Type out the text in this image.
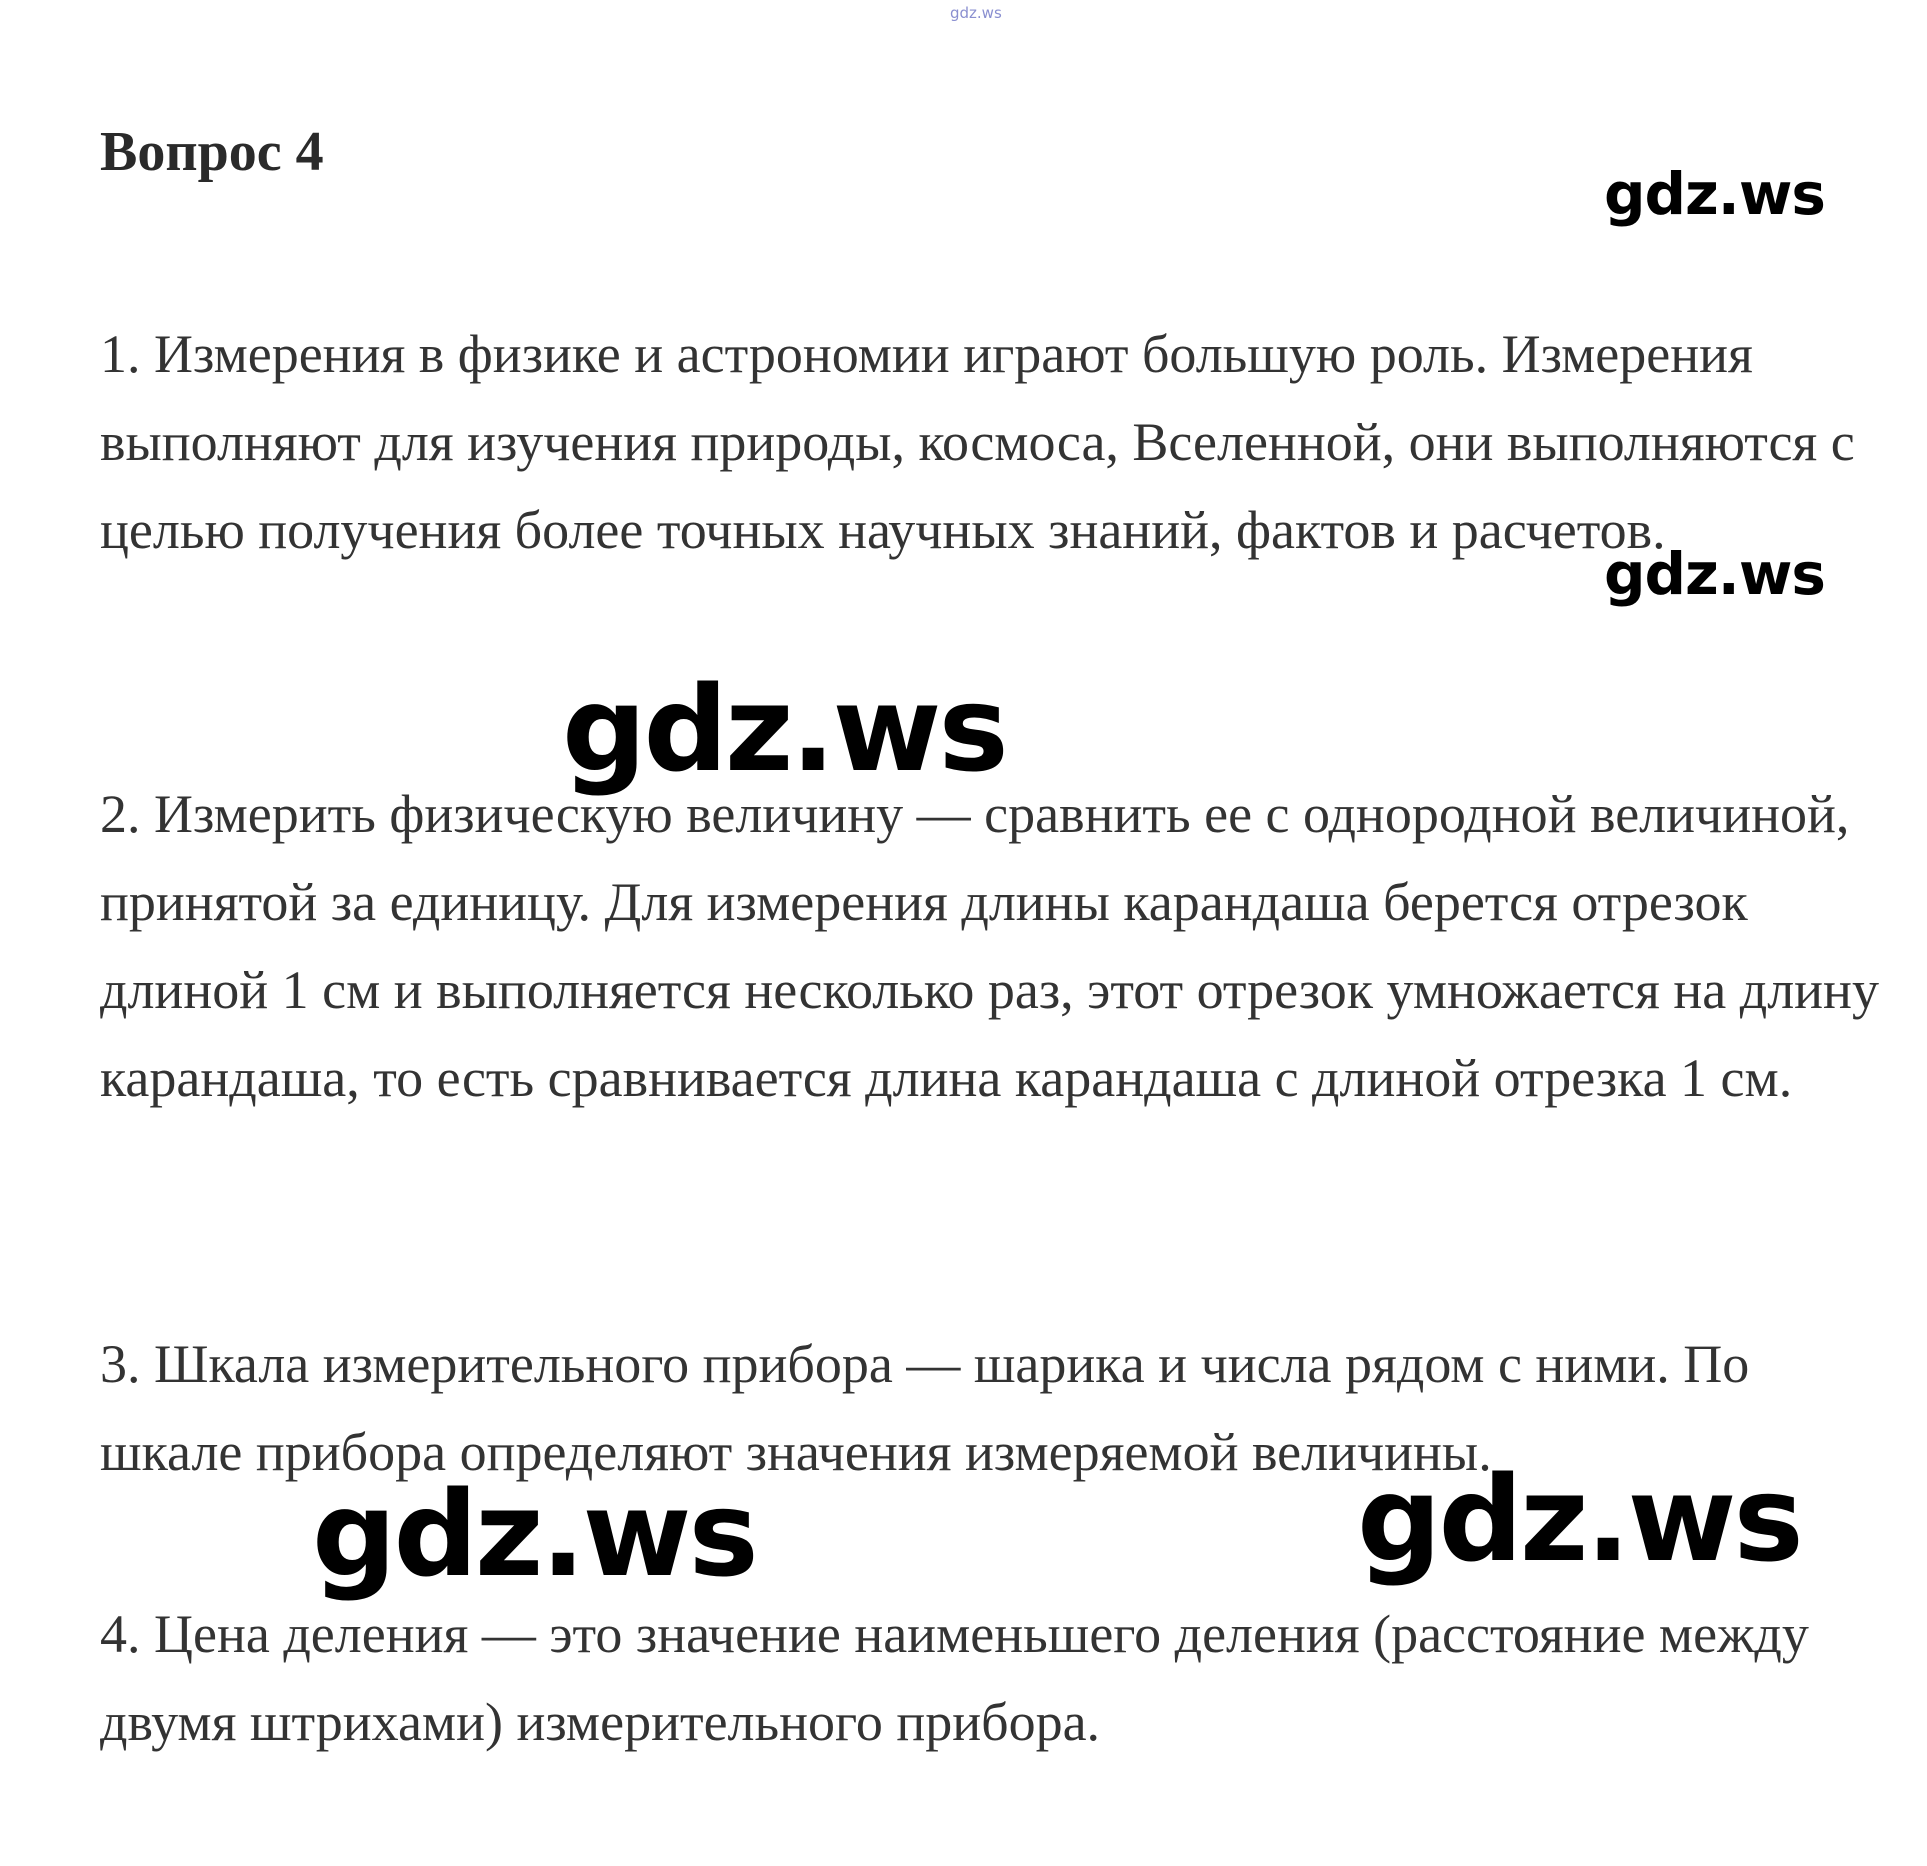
gdz.ws
Вопрос 4

1. Измерения в физике и астрономии играют большую роль. Измерения выполняют для изучения природы, космоса, Вселенной, они выполняются с целью получения более точных научных знаний, фактов и расчетов.

2. Измерить физическую величину — сравнить ее с однородной величиной, принятой за единицу. Для измерения длины карандаша берется отрезок длиной 1 см и выполняется несколько раз, этот отрезок умножается на длину карандаша, то есть сравнивается длина карандаша с длиной отрезка 1 см.

3. Шкала измерительного прибора — шарика и числа рядом с ними. По шкале прибора определяют значения измеряемой величины.

4. Цена деления — это значение наименьшего деления (расстояние между двумя штрихами) измерительного прибора.

gdz.ws
gdz.ws
gdz.ws
gdz.ws	gdz.ws
